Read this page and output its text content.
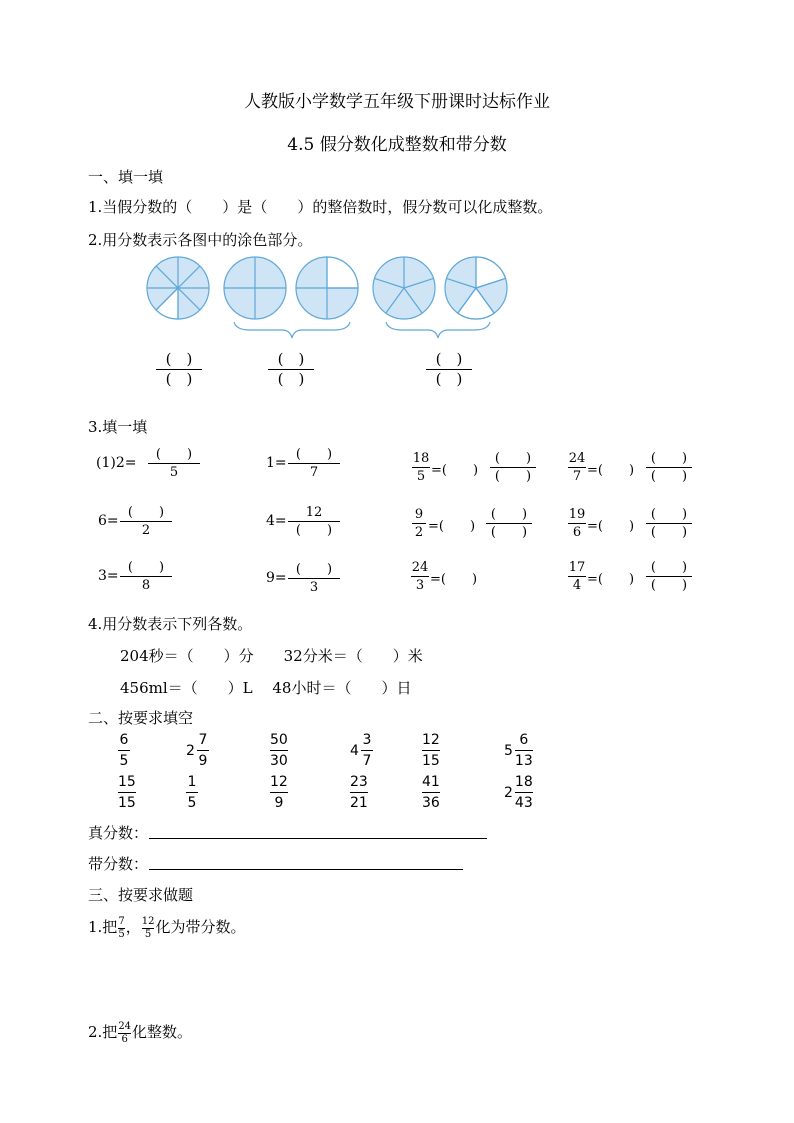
人教版小学数学五年级下册课时达标作业
4.5 假分数化成整数和带分数
一、填一填
1.当假分数的（　　）是（　　）的整倍数时，假分数可以化成整数。
2.用分数表示各图中的涂色部分。
(　)
(　)
(　)
(　)
(　)
(　)
3.填一填
(1)2=
(　　)
5
1=
(　　)
7
18
5 =(　　)
(　　)
(　　)
24
7 =(　　)
(　　)
(　　)
6=
(　　)
2
4=
12
(　　)
9
2 =(　　)
(　　)
(　　)
19
6 =(　　)
(　　)
(　　)
3=
(　　)
8	9=
(　　)
3
24
3 =(　　)
17
4 =(　　)
(　　)
(　　)
4.用分数表示下列各数。
204秒＝（　　）分　　32分米＝（　　）米
456ml＝（　　）L　 48小时＝（　　）日
二、按要求填空
6
5
2
7
9
50
30
4
3
7
12
15
5
6
13
15
15
1
5
12
9
23
21
41
36
2
18
43
真分数：
带分数：
三、按要求做题
1.把 $\frac{7}{5}$ ， $\frac{12}{5}$ 化为带分数。
2.把 $\frac{24}{6}$ 化整数。
